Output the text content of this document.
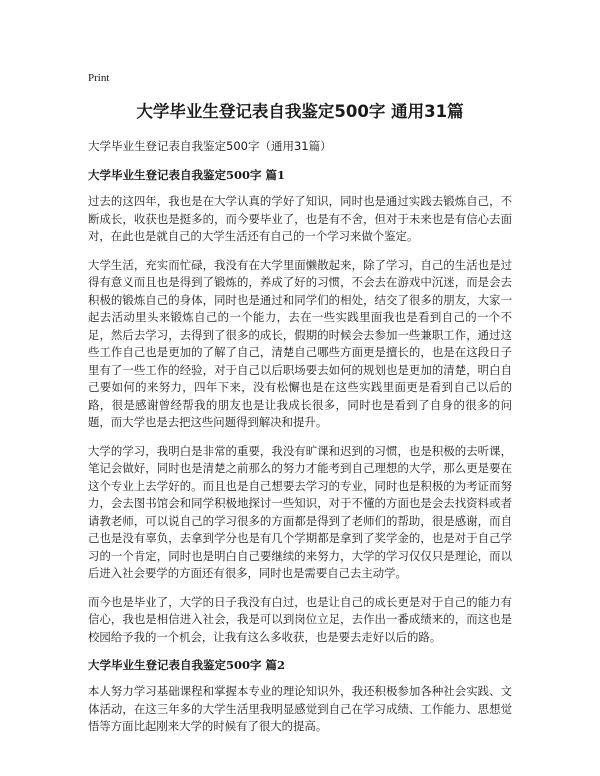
Print
大学毕业生登记表自我鉴定500字 通用31篇

大学毕业生登记表自我鉴定500字（通用31篇）

大学毕业生登记表自我鉴定500字 篇1

过去的这四年，我也是在大学认真的学好了知识，同时也是通过实践去锻炼自己，不断成长，收获也是挺多的，而今要毕业了，也是有不舍，但对于未来也是有信心去面对，在此也是就自己的大学生活还有自己的一个学习来做个鉴定。

大学生活，充实而忙碌，我没有在大学里面懒散起来，除了学习，自己的生活也是过得有意义而且也是得到了锻炼的，养成了好的习惯，不会去在游戏中沉迷，而是会去积极的锻炼自己的身体，同时也是通过和同学们的相处，结交了很多的朋友，大家一起去活动里头来锻炼自己的一个能力，去在一些实践里面我也是看到自己的一个不足，然后去学习，去得到了很多的成长，假期的时候会去参加一些兼职工作，通过这些工作自己也是更加的了解了自己，清楚自己哪些方面更是擅长的，也是在这段日子里有了一些工作的经验，对于自己以后职场要去如何的规划也是更加的清楚，明白自己要如何的来努力，四年下来，没有松懈也是在这些实践里面更是看到自己以后的路，很是感谢曾经帮我的朋友也是让我成长很多，同时也是看到了自身的很多的问题，而大学也是去把这些问题得到解决和提升。

大学的学习，我明白是非常的重要，我没有旷课和迟到的习惯，也是积极的去听课，笔记会做好，同时也是清楚之前那么的努力才能考到自己理想的大学，那么更是要在这个专业上去学好的。而且也是自己想要去学习的专业，同时也是积极的为考证而努力，会去图书馆会和同学积极地探讨一些知识，对于不懂的方面也是会去找资料或者请教老师，可以说自己的学习很多的方面都是得到了老师们的帮助，很是感谢，而自己也是没有辜负，去拿到学分也是有几个学期都是拿到了奖学金的，也是对于自己学习的一个肯定，同时也是明白自己要继续的来努力，大学的学习仅仅只是理论，而以后进入社会要学的方面还有很多，同时也是需要自己去主动学。

而今也是毕业了，大学的日子我没有白过，也是让自己的成长更是对于自己的能力有信心，我也是相信进入社会，我是可以到岗位立足，去作出一番成绩来的，而这也是校园给予我的一个机会，让我有这么多收获，也是要去走好以后的路。

大学毕业生登记表自我鉴定500字 篇2

本人努力学习基础课程和掌握本专业的理论知识外，我还积极参加各种社会实践、文体活动，在这三年多的大学生活里我明显感觉到自己在学习成绩、工作能力、思想觉悟等方面比起刚来大学的时候有了很大的提高。
